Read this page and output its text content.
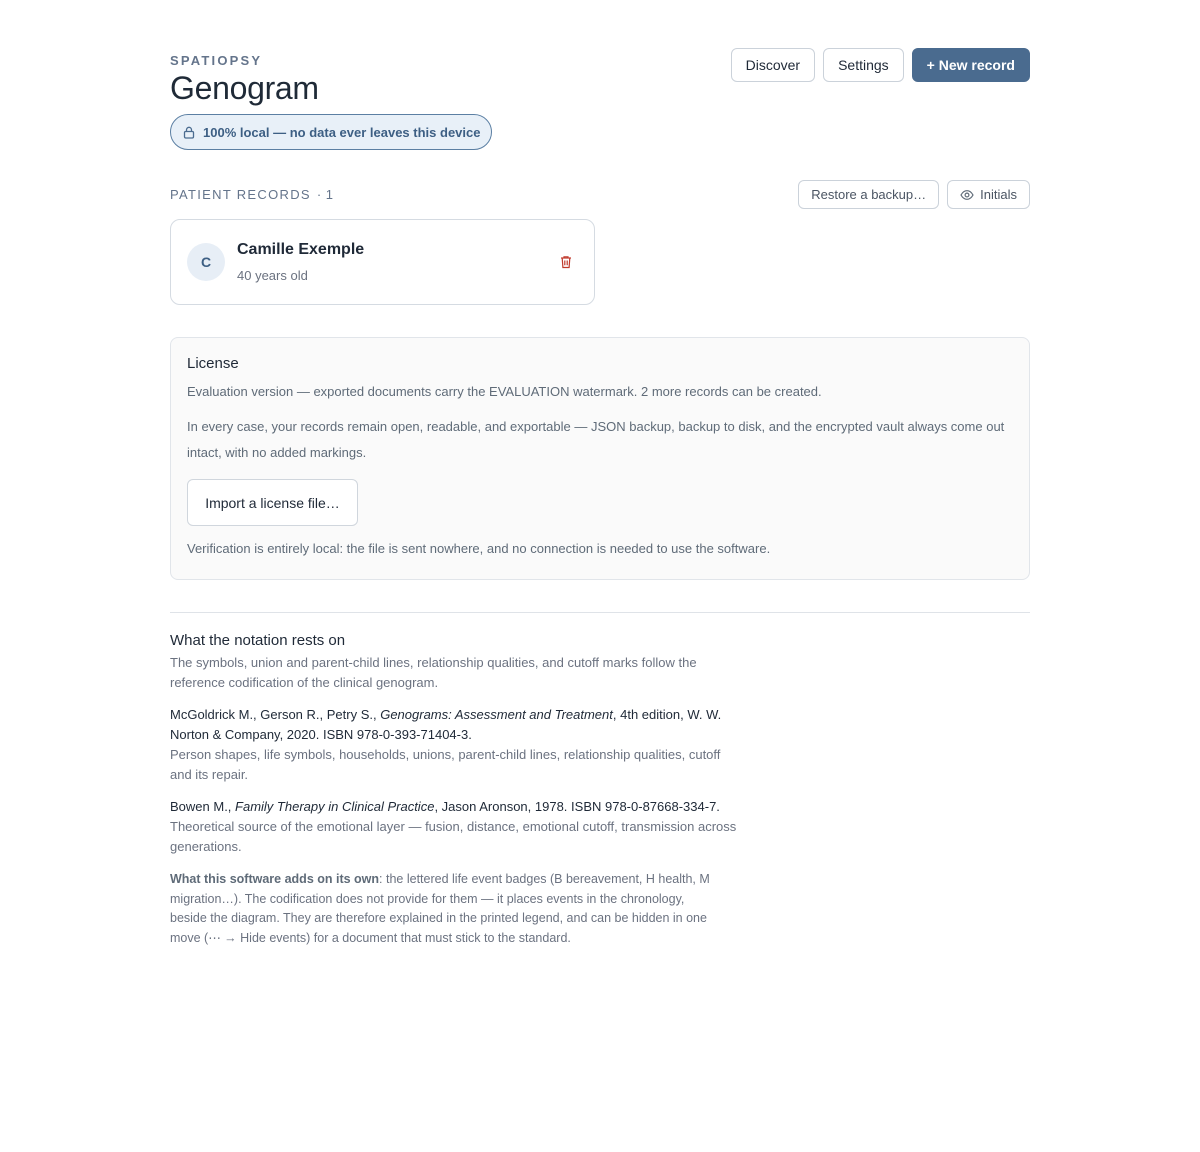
SPATIOPSY
Genogram
100% local — no data ever leaves this device
Discover	Settings	+ New record
PATIENT RECORDS · 1	Restore a backup…	Initials
C
Camille Exemple
40 years old
License
Evaluation version — exported documents carry the EVALUATION watermark. 2 more records can be created.
In every case, your records remain open, readable, and exportable — JSON backup, backup to disk, and the encrypted vault always come out intact, with no added markings.
Import a license file…
Verification is entirely local: the file is sent nowhere, and no connection is needed to use the software.
What the notation rests on

The symbols, union and parent-child lines, relationship qualities, and cutoff marks follow the reference codification of the clinical genogram.

McGoldrick M., Gerson R., Petry S., Genograms: Assessment and Treatment, 4th edition, W. W. Norton & Company, 2020. ISBN 978-0-393-71404-3.
Person shapes, life symbols, households, unions, parent-child lines, relationship qualities, cutoff and its repair.
Bowen M., Family Therapy in Clinical Practice, Jason Aronson, 1978. ISBN 978-0-87668-334-7.
Theoretical source of the emotional layer — fusion, distance, emotional cutoff, transmission across generations.
What this software adds on its own: the lettered life event badges (B bereavement, H health, M migration…). The codification does not provide for them — it places events in the chronology, beside the diagram. They are therefore explained in the printed legend, and can be hidden in one move (⋯ → Hide events) for a document that must stick to the standard.
